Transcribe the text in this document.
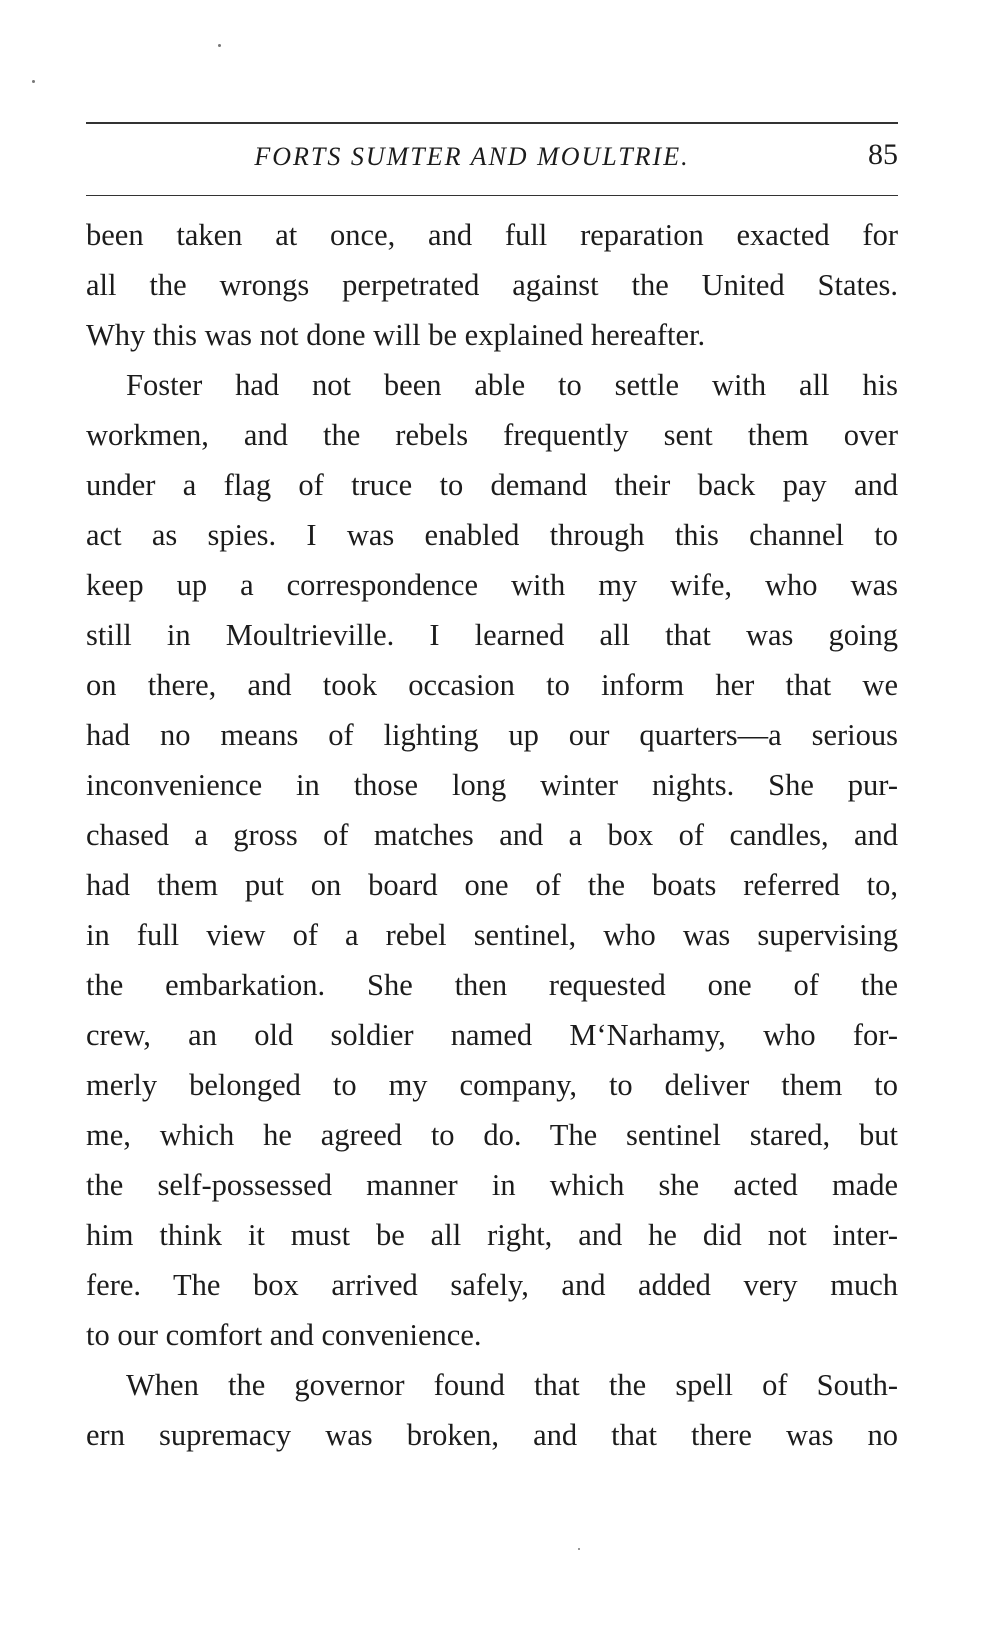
FORTS SUMTER AND MOULTRIE.	85
been taken at once, and full reparation exacted for
all the wrongs perpetrated against the United States.
Why this was not done will be explained hereafter.
Foster had not been able to settle with all his
workmen, and the rebels frequently sent them over
under a flag of truce to demand their back pay and
act as spies. I was enabled through this channel to
keep up a correspondence with my wife, who was
still in Moultrieville. I learned all that was going
on there, and took occasion to inform her that we
had no means of lighting up our quarters—a serious
inconvenience in those long winter nights. She pur-
chased a gross of matches and a box of candles, and
had them put on board one of the boats referred to,
in full view of a rebel sentinel, who was supervising
the embarkation. She then requested one of the
crew, an old soldier named M‘Narhamy, who for-
merly belonged to my company, to deliver them to
me, which he agreed to do. The sentinel stared, but
the self-possessed manner in which she acted made
him think it must be all right, and he did not inter-
fere. The box arrived safely, and added very much
to our comfort and convenience.
When the governor found that the spell of South-
ern supremacy was broken, and that there was no
